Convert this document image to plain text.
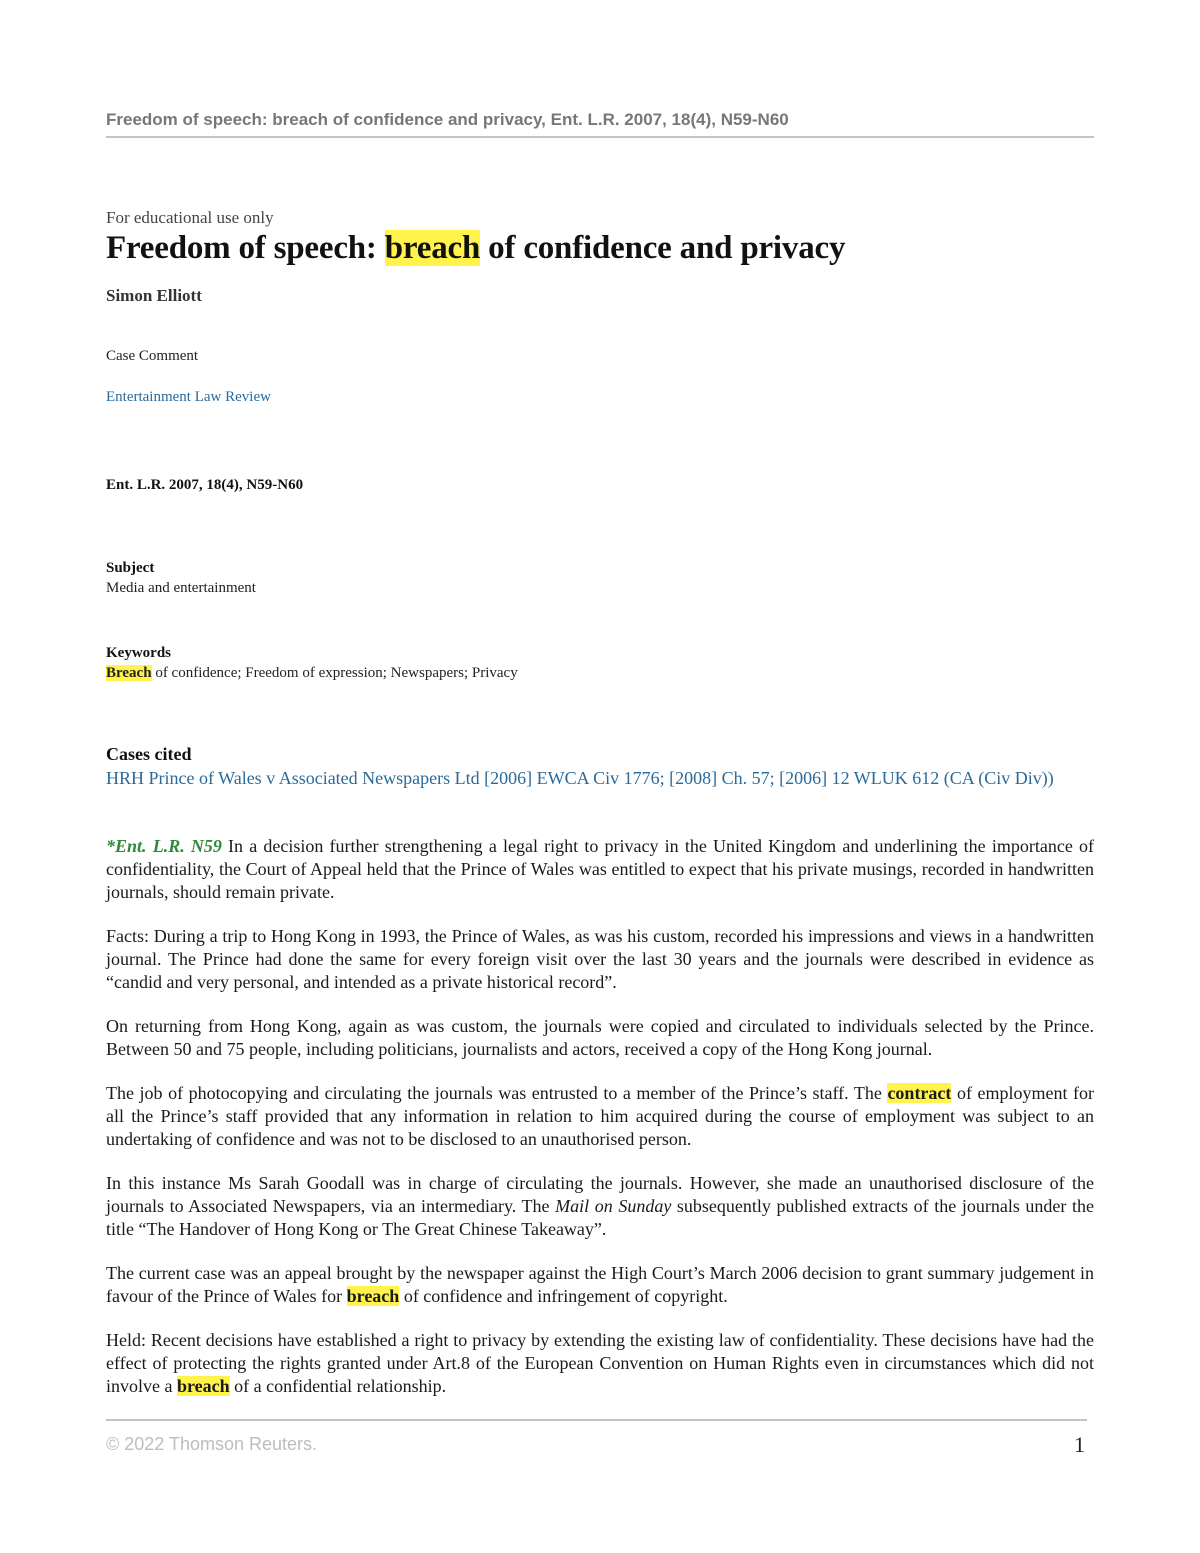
Freedom of speech: breach of confidence and privacy, Ent. L.R. 2007, 18(4), N59-N60
For educational use only
Freedom of speech: breach of confidence and privacy
Simon Elliott
Case Comment
Entertainment Law Review
Ent. L.R. 2007, 18(4), N59-N60
Subject
Media and entertainment
Keywords
Breach of confidence; Freedom of expression; Newspapers; Privacy
Cases cited
HRH Prince of Wales v Associated Newspapers Ltd [2006] EWCA Civ 1776; [2008] Ch. 57; [2006] 12 WLUK 612 (CA (Civ Div))
*Ent. L.R. N59 In a decision further strengthening a legal right to privacy in the United Kingdom and underlining the importance of confidentiality, the Court of Appeal held that the Prince of Wales was entitled to expect that his private musings, recorded in handwritten journals, should remain private.
Facts: During a trip to Hong Kong in 1993, the Prince of Wales, as was his custom, recorded his impressions and views in a handwritten journal. The Prince had done the same for every foreign visit over the last 30 years and the journals were described in evidence as “candid and very personal, and intended as a private historical record”.
On returning from Hong Kong, again as was custom, the journals were copied and circulated to individuals selected by the Prince. Between 50 and 75 people, including politicians, journalists and actors, received a copy of the Hong Kong journal.
The job of photocopying and circulating the journals was entrusted to a member of the Prince’s staff. The contract of employment for all the Prince’s staff provided that any information in relation to him acquired during the course of employment was subject to an undertaking of confidence and was not to be disclosed to an unauthorised person.
In this instance Ms Sarah Goodall was in charge of circulating the journals. However, she made an unauthorised disclosure of the journals to Associated Newspapers, via an intermediary. The Mail on Sunday subsequently published extracts of the journals under the title “The Handover of Hong Kong or The Great Chinese Takeaway”.
The current case was an appeal brought by the newspaper against the High Court’s March 2006 decision to grant summary judgement in favour of the Prince of Wales for breach of confidence and infringement of copyright.
Held: Recent decisions have established a right to privacy by extending the existing law of confidentiality. These decisions have had the effect of protecting the rights granted under Art.8 of the European Convention on Human Rights even in circumstances which did not involve a breach of a confidential relationship.
© 2022 Thomson Reuters.	1
